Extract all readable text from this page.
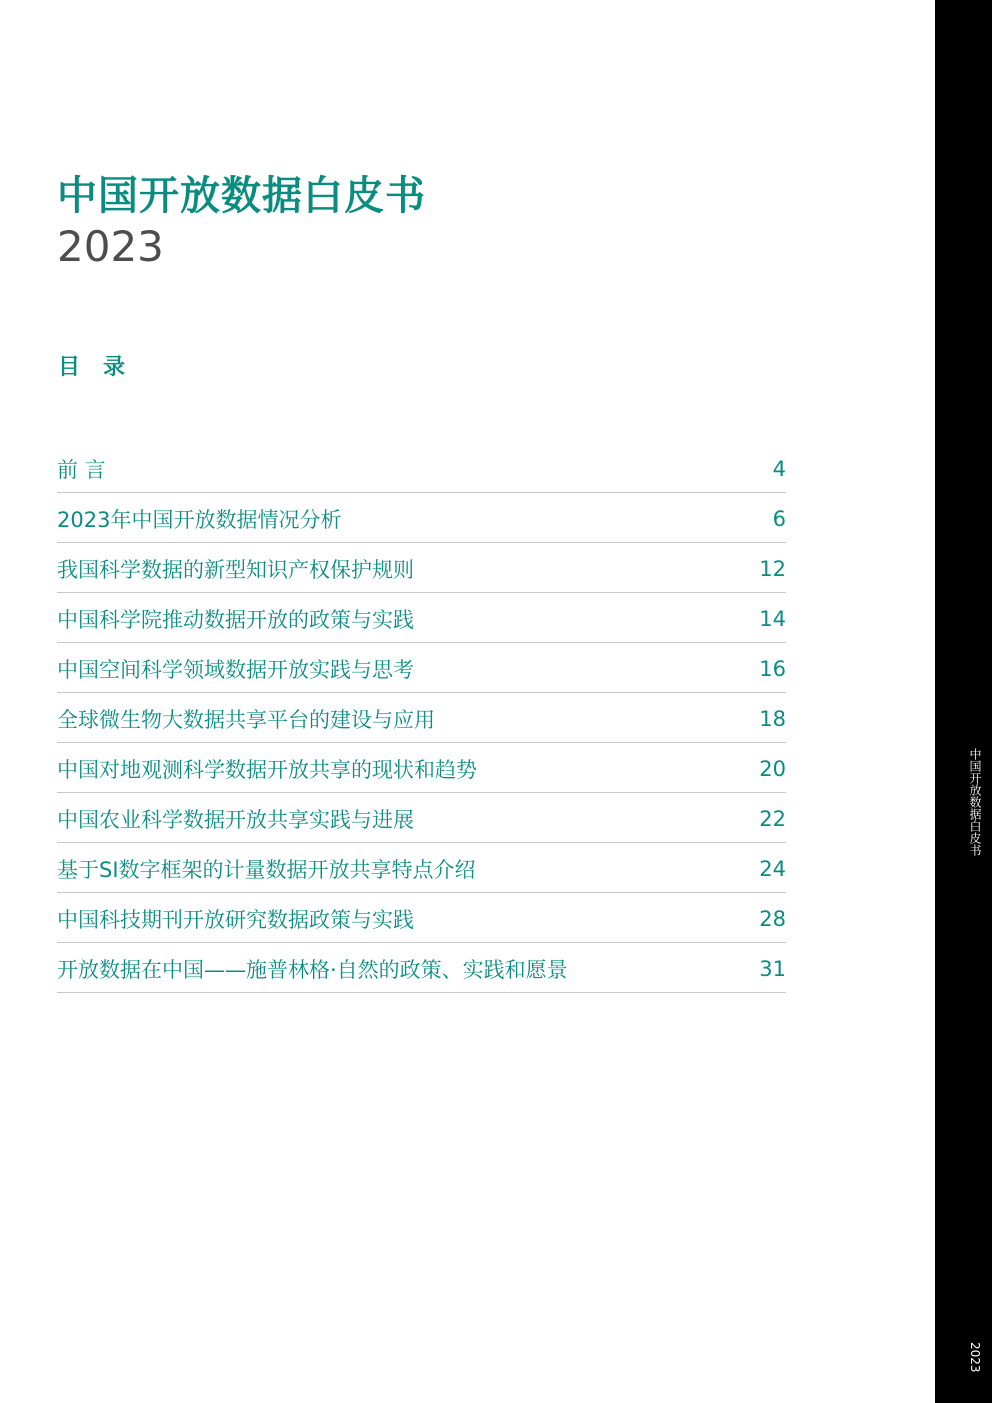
中国开放数据白皮书
2023
目   录
前 言	4
2023年中国开放数据情况分析	6
我国科学数据的新型知识产权保护规则	12
中国科学院推动数据开放的政策与实践	14
中国空间科学领域数据开放实践与思考	16
全球微生物大数据共享平台的建设与应用	18
中国对地观测科学数据开放共享的现状和趋势	20
中国农业科学数据开放共享实践与进展	22
基于SI数字框架的计量数据开放共享特点介绍	24
中国科技期刊开放研究数据政策与实践	28
开放数据在中国——施普林格·自然的政策、实践和愿景	31
中国开放数据白皮书
2023
